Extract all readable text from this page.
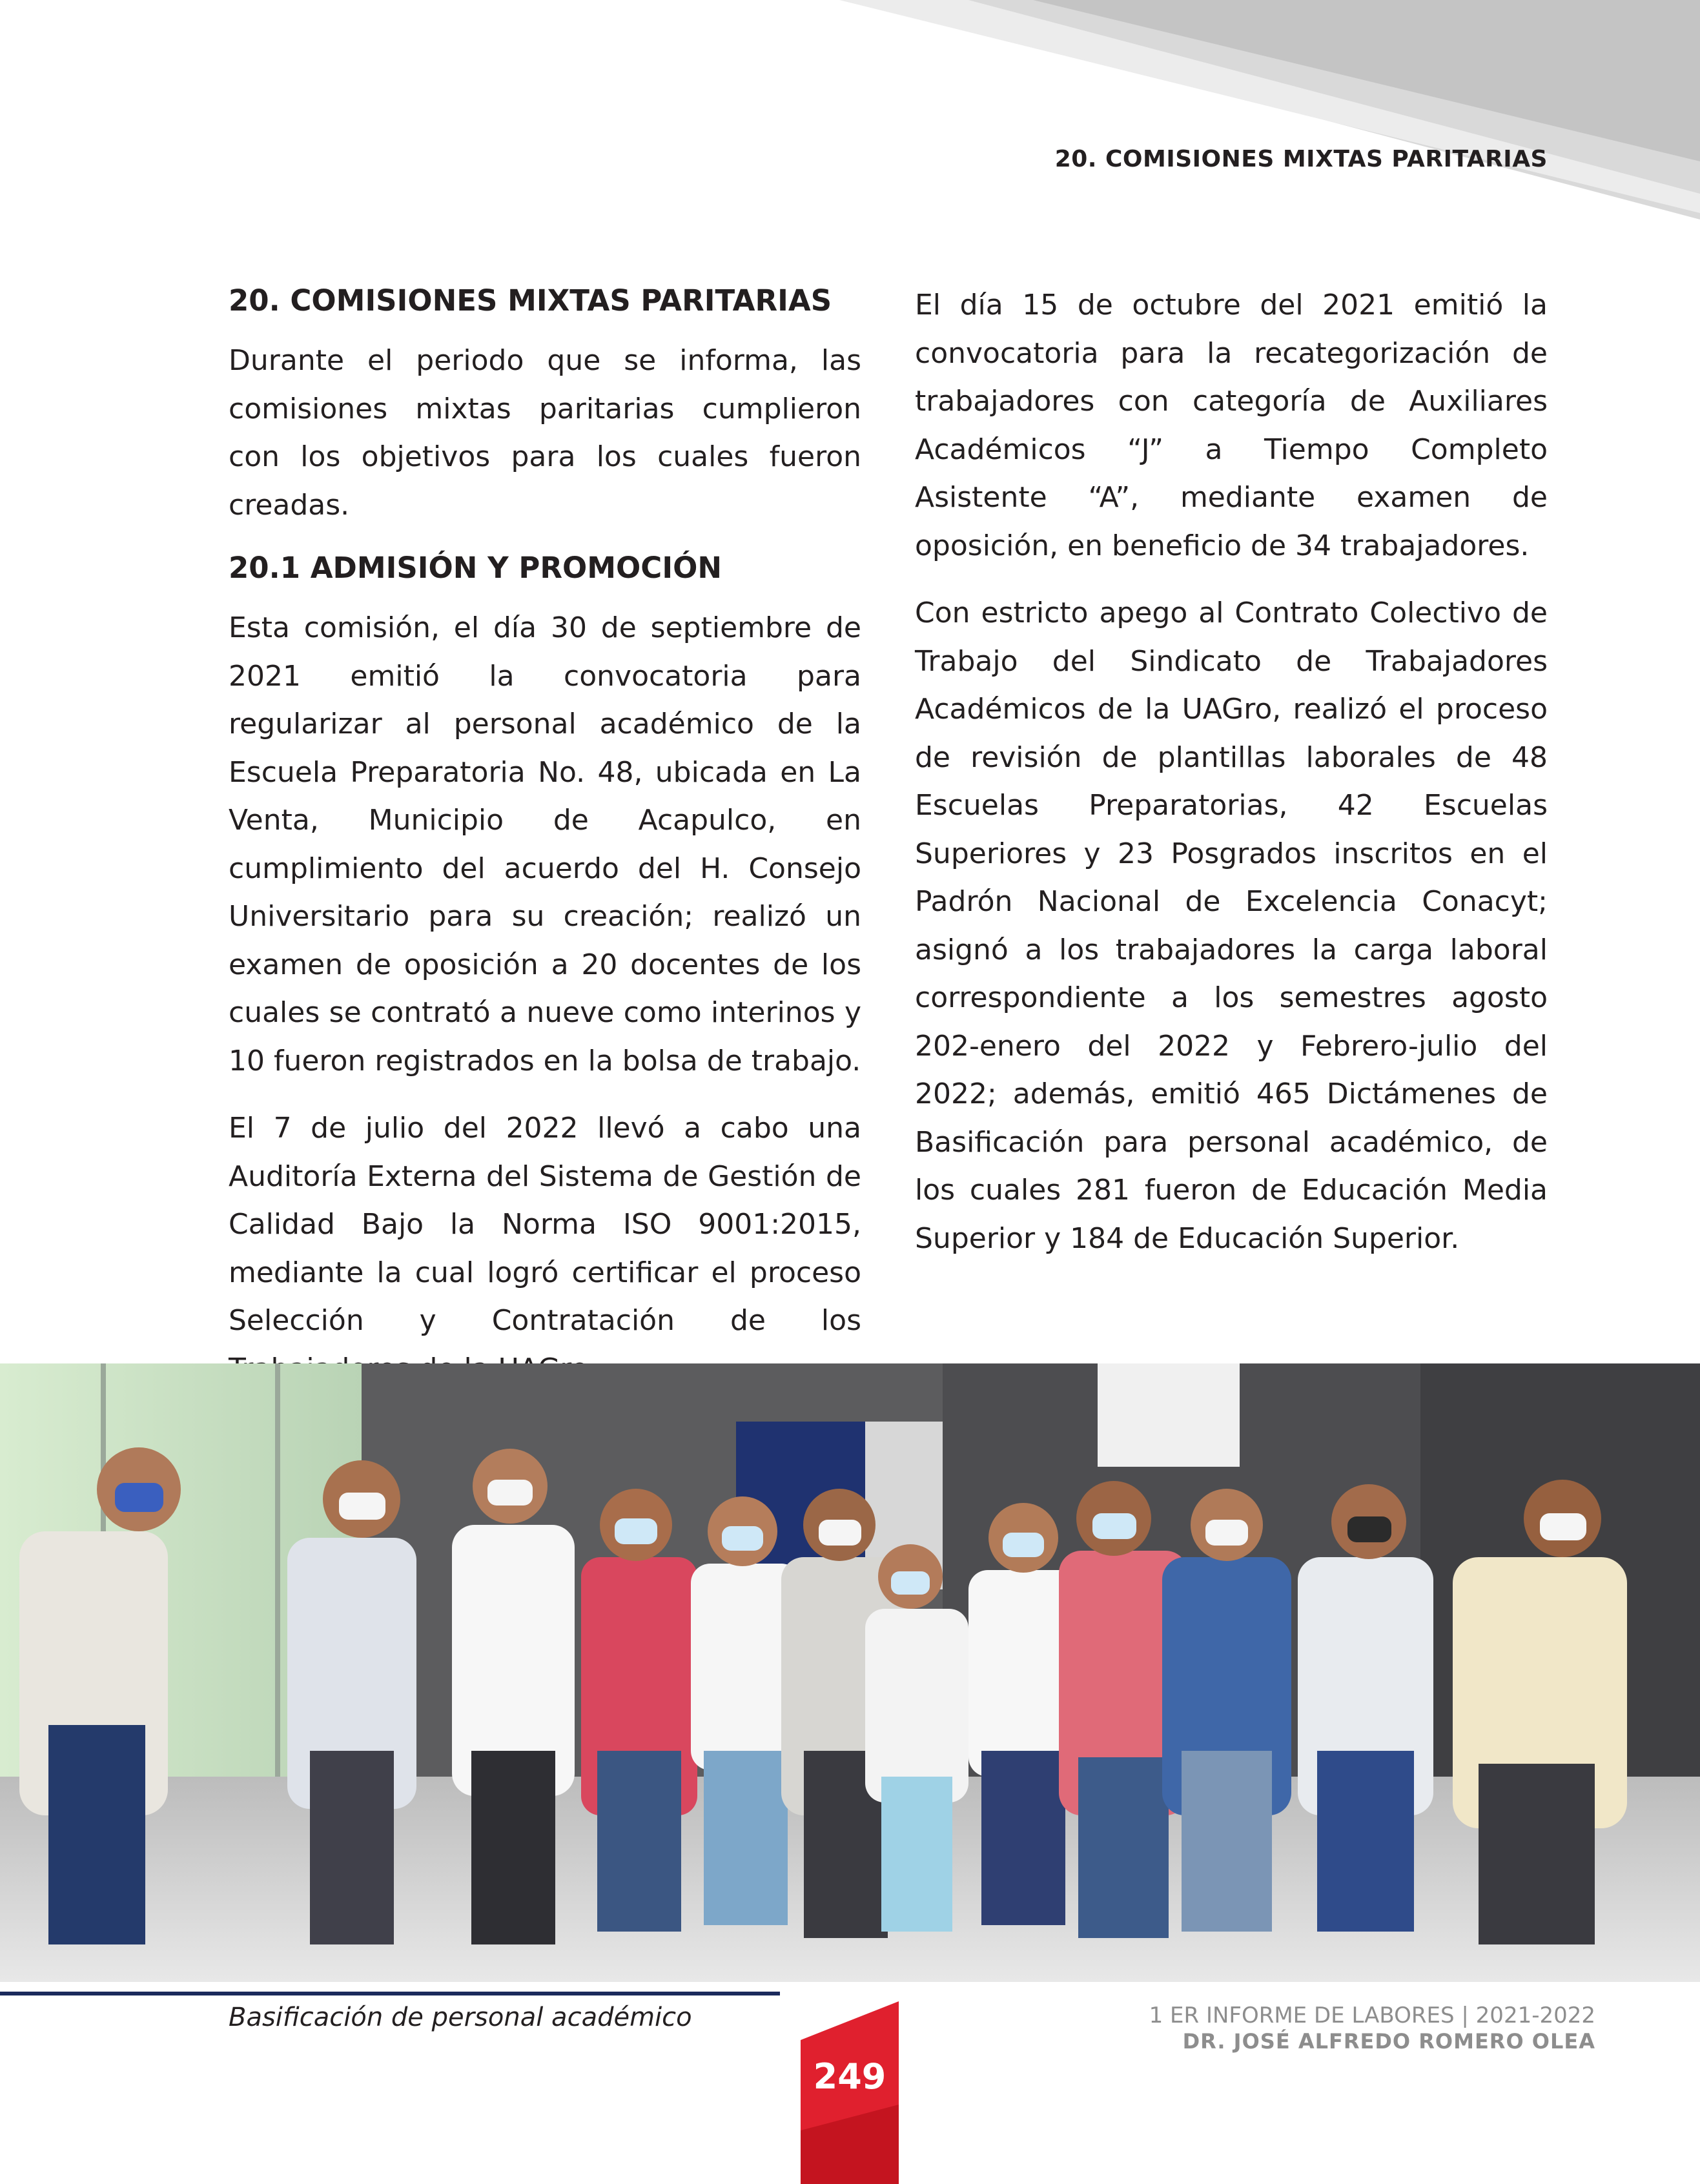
20. COMISIONES MIXTAS PARITARIAS
20. COMISIONES MIXTAS PARITARIAS

Durante el periodo que se informa, las comisiones mixtas paritarias cumplieron con los objetivos para los cuales fueron creadas.

20.1 ADMISIÓN Y PROMOCIÓN

Esta comisión, el día 30 de septiembre de 2021 emitió la convocatoria para regularizar al personal académico de la Escuela Preparatoria No. 48, ubicada en La Venta, Municipio de Acapulco, en cumplimiento del acuerdo del H. Consejo Universitario para su creación; realizó un examen de oposición a 20 docentes de los cuales se contrató a nueve como interinos y 10 fueron registrados en la bolsa de trabajo.

El 7 de julio del 2022 llevó a cabo una Auditoría Externa del Sistema de Gestión de Calidad Bajo la Norma ISO 9001:2015, mediante la cual logró certificar el proceso Selección y Contratación de los

El día 15 de octubre del 2021 emitió la convocatoria para la recategorización de trabajadores con categoría de Auxiliares Académicos “J” a Tiempo Completo Asistente “A”, mediante examen de oposición, en beneficio de 34 trabajadores.

Con estricto apego al Contrato Colectivo de Trabajo del Sindicato de Trabajadores Académicos de la UAGro, realizó el proceso de revisión de plantillas laborales de 48 Escuelas Preparatorias, 42 Escuelas Superiores y 23 Posgrados inscritos en el Padrón Nacional de Excelencia Conacyt; asignó a los trabajadores la carga laboral correspondiente a los semestres agosto 202-enero del 2022 y Febrero-julio del 2022; además, emitió 465 Dictámenes de Basificación para personal académico, de los cuales 281 fueron de Educación Media Superior y 184 de Educación Superior.

Basificación de personal académico
249
1 ER INFORME DE LABORES | 2021-2022
DR. JOSÉ ALFREDO ROMERO OLEA
